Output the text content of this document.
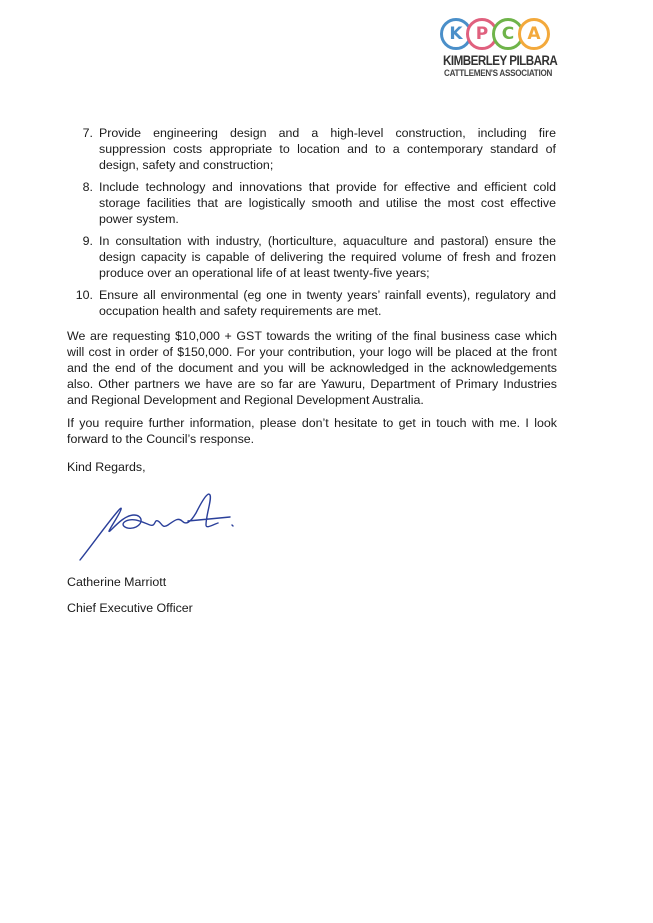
K P C A
KIMBERLEY PILBARA
CATTLEMEN'S ASSOCIATION
7. Provide engineering design and a high-level construction, including fire suppression costs appropriate to location and to a contemporary standard of design, safety and construction;
8. Include technology and innovations that provide for effective and efficient cold storage facilities that are logistically smooth and utilise the most cost effective power system.
9. In consultation with industry, (horticulture, aquaculture and pastoral) ensure the design capacity is capable of delivering the required volume of fresh and frozen produce over an operational life of at least twenty-five years;
10. Ensure all environmental (eg one in twenty years’ rainfall events), regulatory and occupation health and safety requirements are met.

We are requesting $10,000 + GST towards the writing of the final business case which will cost in order of $150,000. For your contribution, your logo will be placed at the front and the end of the document and you will be acknowledged in the acknowledgements also. Other partners we have are so far are Yawuru, Department of Primary Industries and Regional Development and Regional Development Australia.

If you require further information, please don’t hesitate to get in touch with me. I look forward to the Council’s response.

Kind Regards,
Catherine Marriott
Chief Executive Officer
